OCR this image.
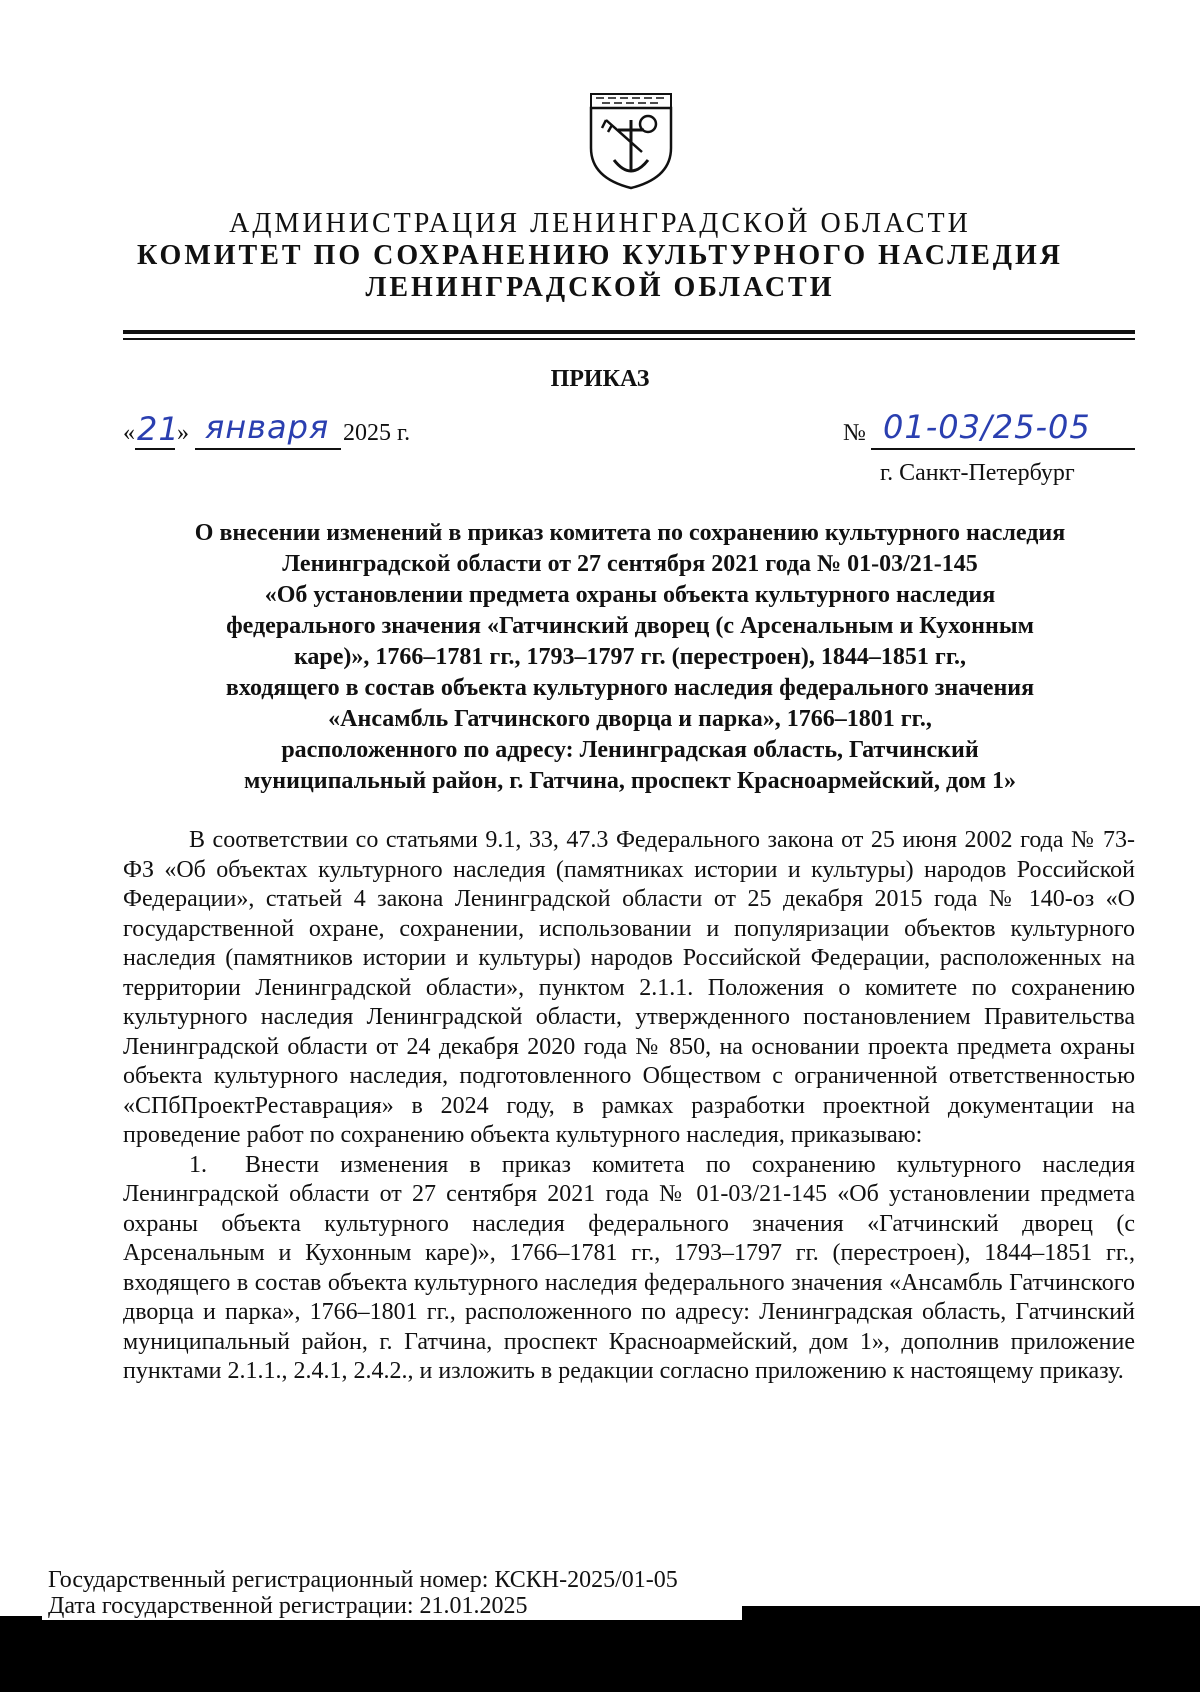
АДМИНИСТРАЦИЯ ЛЕНИНГРАДСКОЙ ОБЛАСТИ
КОМИТЕТ ПО СОХРАНЕНИЮ КУЛЬТУРНОГО НАСЛЕДИЯ
ЛЕНИНГРАДСКОЙ ОБЛАСТИ
ПРИКАЗ
« 21
» января 2025 г.	№ 01-03/25-05
г. Санкт-Петербург
О внесении изменений в приказ комитета по сохранению культурного наследия
Ленинградской области от 27 сентября 2021 года № 01-03/21-145
«Об установлении предмета охраны объекта культурного наследия
федерального значения «Гатчинский дворец (с Арсенальным и Кухонным
каре)», 1766–1781 гг., 1793–1797 гг. (перестроен), 1844–1851 гг.,
входящего в состав объекта культурного наследия федерального значения
«Ансамбль Гатчинского дворца и парка», 1766–1801 гг.,
расположенного по адресу: Ленинградская область, Гатчинский
муниципальный район, г. Гатчина, проспект Красноармейский, дом 1»

В соответствии со статьями 9.1, 33, 47.3 Федерального закона от 25 июня 2002 года № 73-ФЗ «Об объектах культурного наследия (памятниках истории и культуры) народов Российской Федерации», статьей 4 закона Ленинградской области от 25 декабря 2015 года № 140-оз «О государственной охране, сохранении, использовании и популяризации объектов культурного наследия (памятников истории и культуры) народов Российской Федерации, расположенных на территории Ленинградской области», пунктом 2.1.1. Положения о комитете по сохранению культурного наследия Ленинградской области, утвержденного постановлением Правительства Ленинградской области от 24 декабря 2020 года № 850, на основании проекта предмета охраны объекта культурного наследия, подготовленного Обществом с ограниченной ответственностью «СПбПроектРеставрация» в 2024 году, в рамках разработки проектной документации на проведение работ по сохранению объекта культурного наследия, приказываю:

1. Внести изменения в приказ комитета по сохранению культурного наследия Ленинградской области от 27 сентября 2021 года № 01-03/21-145 «Об установлении предмета охраны объекта культурного наследия федерального значения «Гатчинский дворец (с Арсенальным и Кухонным каре)», 1766–1781 гг., 1793–1797 гг. (перестроен), 1844–1851 гг., входящего в состав объекта культурного наследия федерального значения «Ансамбль Гатчинского дворца и парка», 1766–1801 гг., расположенного по адресу: Ленинградская область, Гатчинский муниципальный район, г. Гатчина, проспект Красноармейский, дом 1», дополнив приложение пунктами 2.1.1., 2.4.1, 2.4.2., и изложить в редакции согласно приложению к настоящему приказу.

Государственный регистрационный номер: КСКН-2025/01-05
Дата государственной регистрации: 21.01.2025
